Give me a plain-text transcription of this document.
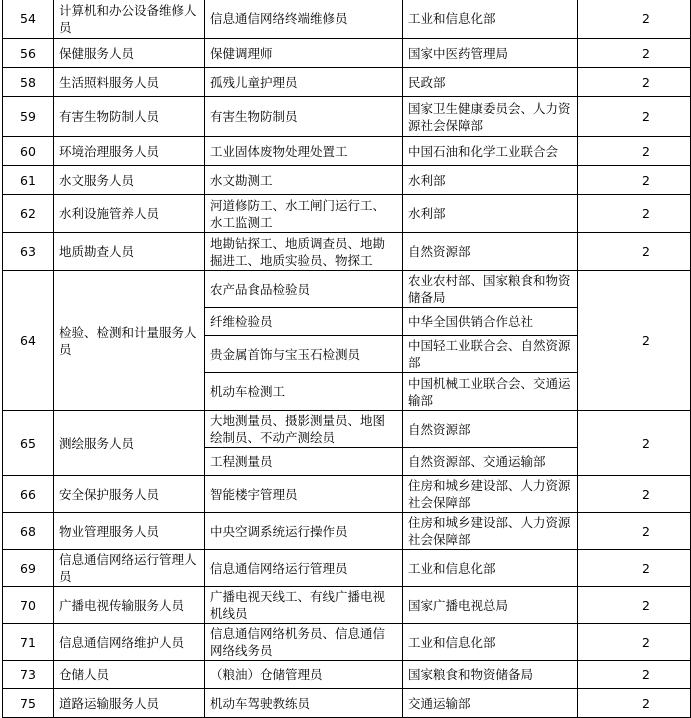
54	计算机和办公设备维修人员	信息通信网络终端维修员	工业和信息化部	2
56	保健服务人员	保健调理师	国家中医药管理局	2
58	生活照料服务人员	孤残儿童护理员	民政部	2
59	有害生物防制人员	有害生物防制员	国家卫生健康委员会、人力资源社会保障部	2
60	环境治理服务人员	工业固体废物处理处置工	中国石油和化学工业联合会	2
61	水文服务人员	水文勘测工	水利部	2
62	水利设施管养人员	河道修防工、水工闸门运行工、水工监测工	水利部	2
63	地质勘查人员	地勘钻探工、地质调查员、地勘掘进工、地质实验员、物探工	自然资源部	2
64	检验、检测和计量服务人员	农产品食品检验员	农业农村部、国家粮食和物资储备局	2
		纤维检验员	中华全国供销合作总社	
		贵金属首饰与宝玉石检测员	中国轻工业联合会、自然资源部	
		机动车检测工	中国机械工业联合会、交通运输部	
65	测绘服务人员	大地测量员、摄影测量员、地图绘制员、不动产测绘员	自然资源部	2
		工程测量员	自然资源部、交通运输部	
66	安全保护服务人员	智能楼宇管理员	住房和城乡建设部、人力资源社会保障部	2
68	物业管理服务人员	中央空调系统运行操作员	住房和城乡建设部、人力资源社会保障部	2
69	信息通信网络运行管理人员	信息通信网络运行管理员	工业和信息化部	2
70	广播电视传输服务人员	广播电视天线工、有线广播电视机线员	国家广播电视总局	2
71	信息通信网络维护人员	信息通信网络机务员、信息通信网络线务员	工业和信息化部	2
73	仓储人员	（粮油）仓储管理员	国家粮食和物资储备局	2
75	道路运输服务人员	机动车驾驶教练员	交通运输部	2
